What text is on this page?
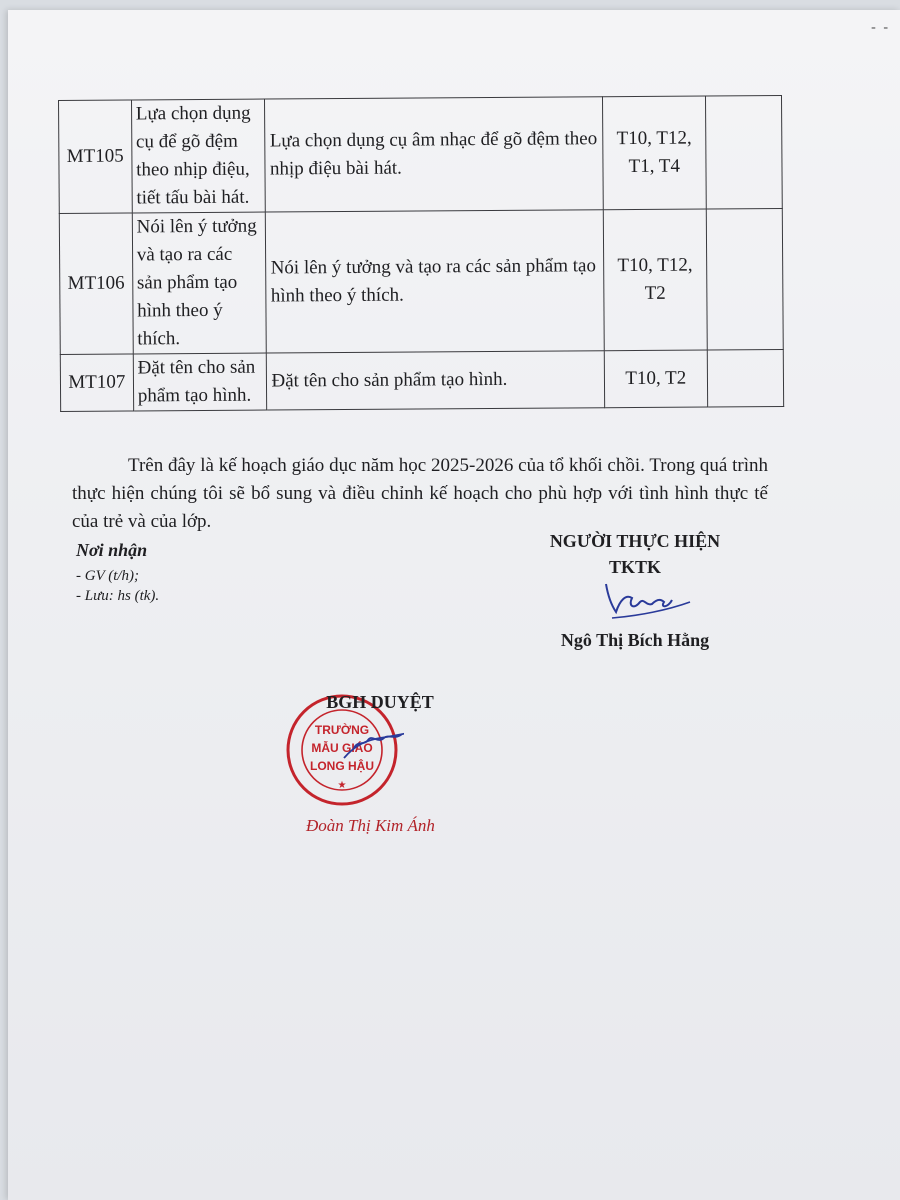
- -
MT105	Lựa chọn dụng cụ để gõ đệm theo nhịp điệu, tiết tấu bài hát.	Lựa chọn dụng cụ âm nhạc để gõ đệm theo nhịp điệu bài hát.	T10, T12, T1, T4	
MT106	Nói lên ý tưởng và tạo ra các sản phẩm tạo hình theo ý thích.	Nói lên ý tưởng và tạo ra các sản phẩm tạo hình theo ý thích.	T10, T12, T2	
MT107	Đặt tên cho sản phẩm tạo hình.	Đặt tên cho sản phẩm tạo hình.	T10, T2	
Trên đây là kế hoạch giáo dục năm học 2025-2026 của tổ khối chồi. Trong quá trình thực hiện chúng tôi sẽ bổ sung và điều chỉnh kế hoạch cho phù hợp với tình hình thực tế của trẻ và của lớp.
Nơi nhận
- GV (t/h);
- Lưu: hs (tk).
NGƯỜI THỰC HIỆN
TKTK
Ngô Thị Bích Hằng
TRƯỜNG
MẪU GIÁO
LONG HẬU
★
BGH DUYỆT
Đoàn Thị Kim Ánh
